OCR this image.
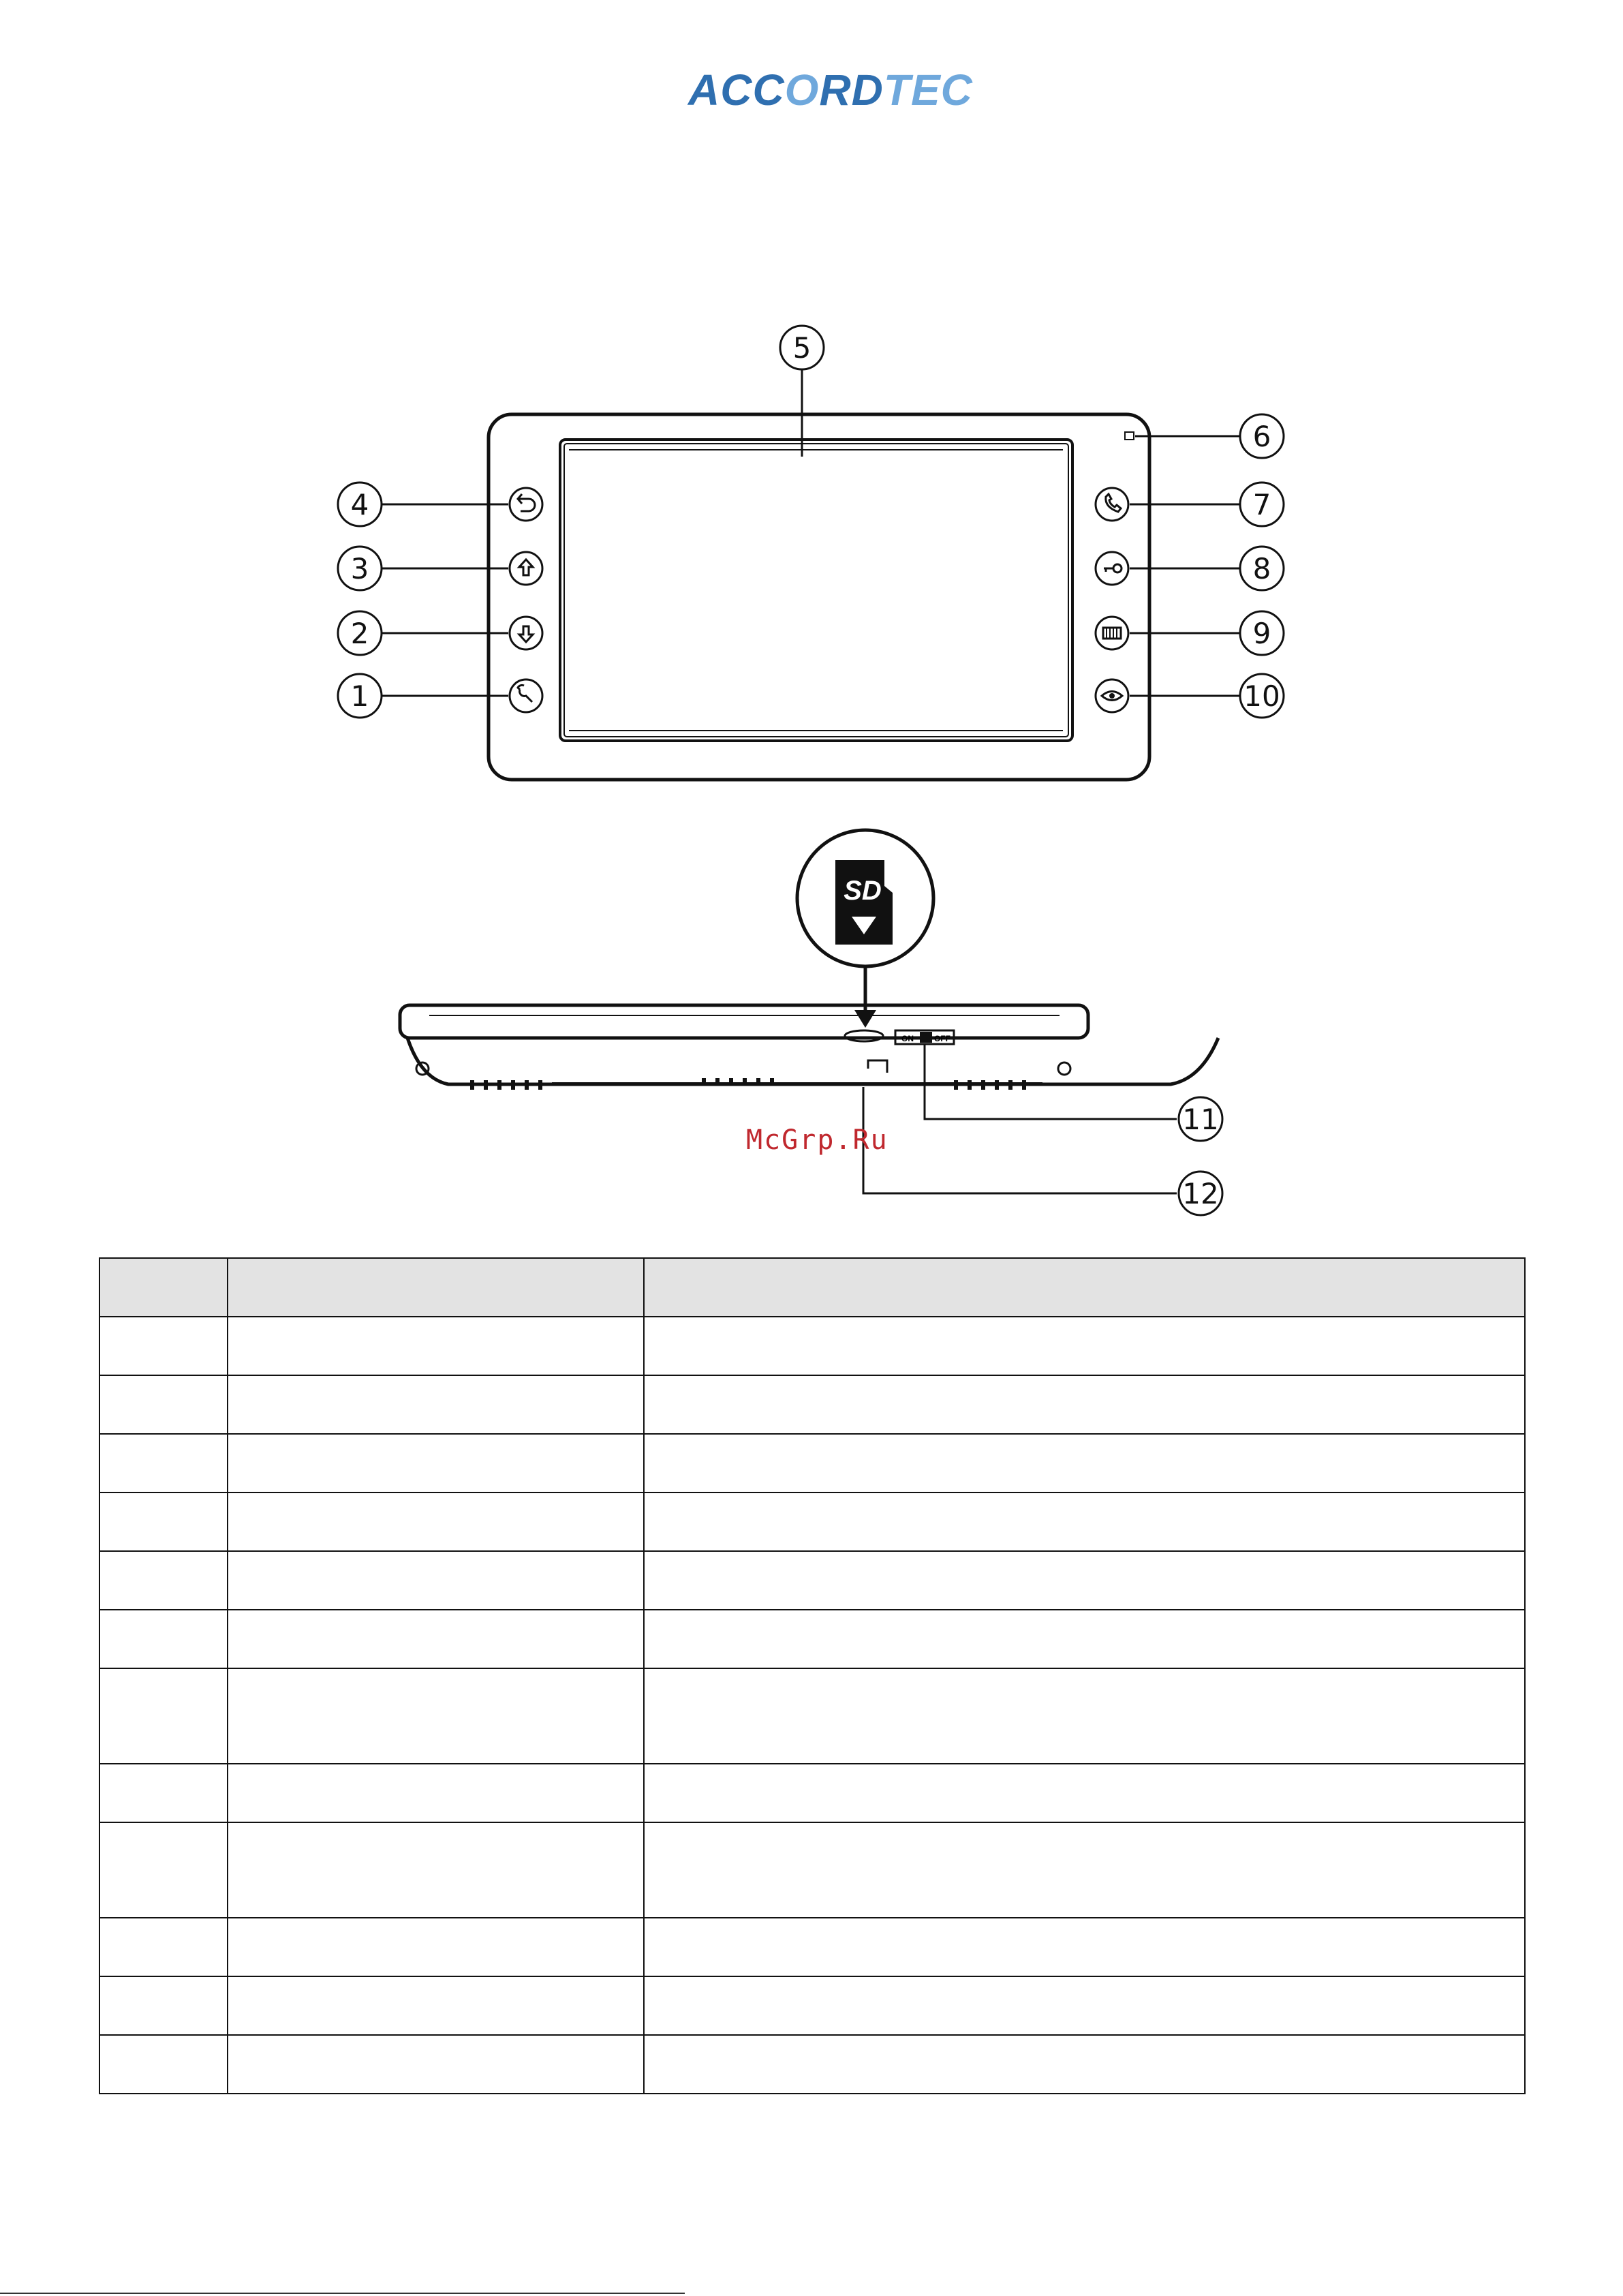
ACCORDTEC
4
3
2
1
5
6
7
8
9
10
SD
ON	OFF
11
12
McGrp.Ru
